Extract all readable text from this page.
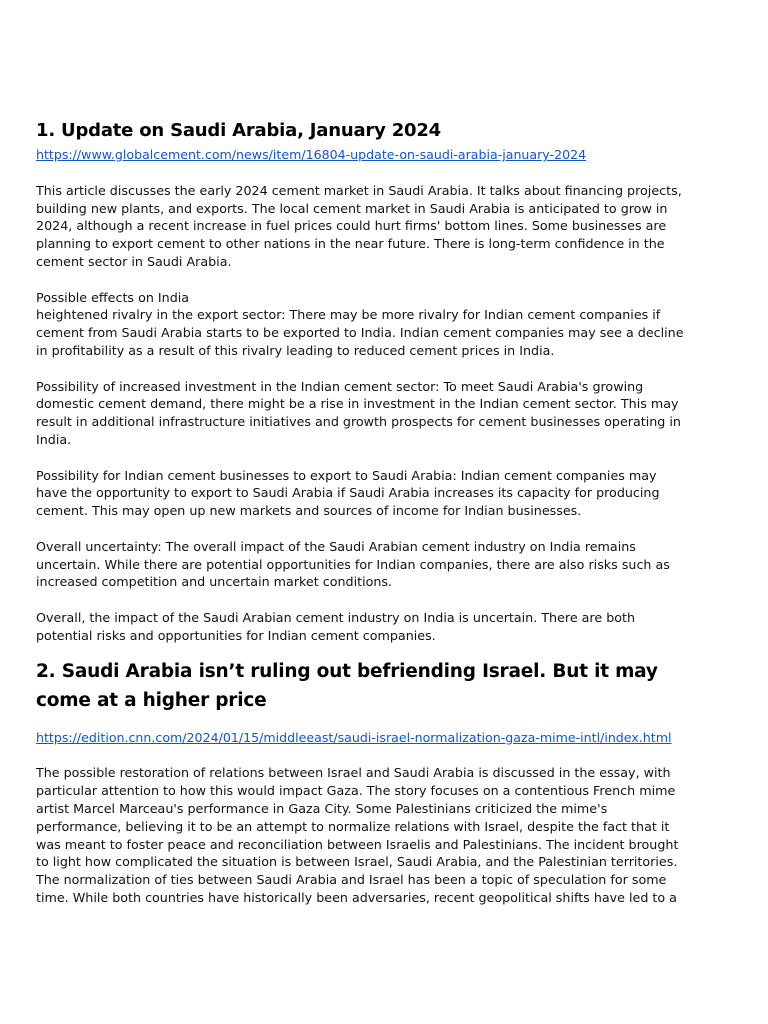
1. Update on Saudi Arabia, January 2024
https://www.globalcement.com/news/item/16804-update-on-saudi-arabia-january-2024

This article discusses the early 2024 cement market in Saudi Arabia. It talks about financing projects, building new plants, and exports. The local cement market in Saudi Arabia is anticipated to grow in 2024, although a recent increase in fuel prices could hurt firms' bottom lines. Some businesses are planning to export cement to other nations in the near future. There is long-term confidence in the cement sector in Saudi Arabia.

Possible effects on India

heightened rivalry in the export sector: There may be more rivalry for Indian cement companies if cement from Saudi Arabia starts to be exported to India. Indian cement companies may see a decline in profitability as a result of this rivalry leading to reduced cement prices in India.

Possibility of increased investment in the Indian cement sector: To meet Saudi Arabia's growing domestic cement demand, there might be a rise in investment in the Indian cement sector. This may result in additional infrastructure initiatives and growth prospects for cement businesses operating in India.

Possibility for Indian cement businesses to export to Saudi Arabia: Indian cement companies may have the opportunity to export to Saudi Arabia if Saudi Arabia increases its capacity for producing cement. This may open up new markets and sources of income for Indian businesses.

Overall uncertainty: The overall impact of the Saudi Arabian cement industry on India remains uncertain. While there are potential opportunities for Indian companies, there are also risks such as increased competition and uncertain market conditions.

Overall, the impact of the Saudi Arabian cement industry on India is uncertain. There are both potential risks and opportunities for Indian cement companies.

2. Saudi Arabia isn’t ruling out befriending Israel. But it may come at a higher price
https://edition.cnn.com/2024/01/15/middleeast/saudi-israel-normalization-gaza-mime-intl/index.html

The possible restoration of relations between Israel and Saudi Arabia is discussed in the essay, with particular attention to how this would impact Gaza. The story focuses on a contentious French mime artist Marcel Marceau's performance in Gaza City. Some Palestinians criticized the mime's performance, believing it to be an attempt to normalize relations with Israel, despite the fact that it was meant to foster peace and reconciliation between Israelis and Palestinians. The incident brought to light how complicated the situation is between Israel, Saudi Arabia, and the Palestinian territories. The normalization of ties between Saudi Arabia and Israel has been a topic of speculation for some time. While both countries have historically been adversaries, recent geopolitical shifts have led to a
